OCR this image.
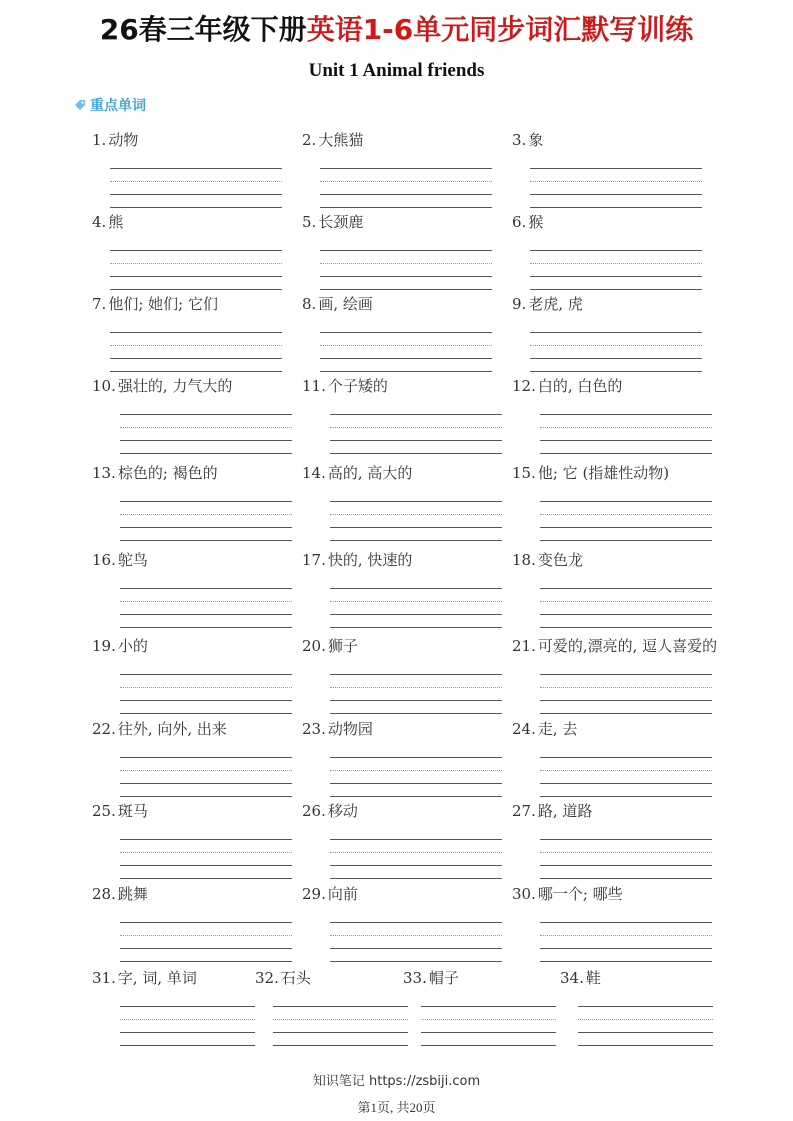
26春三年级下册英语1-6单元同步词汇默写训练
Unit 1 Animal friends
重点单词
1. 动物	2. 大熊猫	3. 象
4. 熊	5. 长颈鹿	6. 猴
7. 他们; 她们; 它们	8. 画, 绘画	9. 老虎, 虎
10. 强壮的, 力气大的	11. 个子矮的	12. 白的, 白色的
13. 棕色的; 褐色的	14. 高的, 高大的	15. 他; 它 (指雄性动物)
16. 鸵鸟	17. 快的, 快速的	18. 变色龙
19. 小的	20. 狮子	21. 可爱的,漂亮的, 逗人喜爱的
22. 往外, 向外, 出来	23. 动物园	24. 走, 去
25. 斑马	26. 移动	27. 路, 道路
28. 跳舞	29. 向前	30. 哪一个; 哪些
31. 字, 词, 单词	32. 石头	33. 帽子	34. 鞋
知识笔记 https://zsbiji.com
第1页, 共20页
